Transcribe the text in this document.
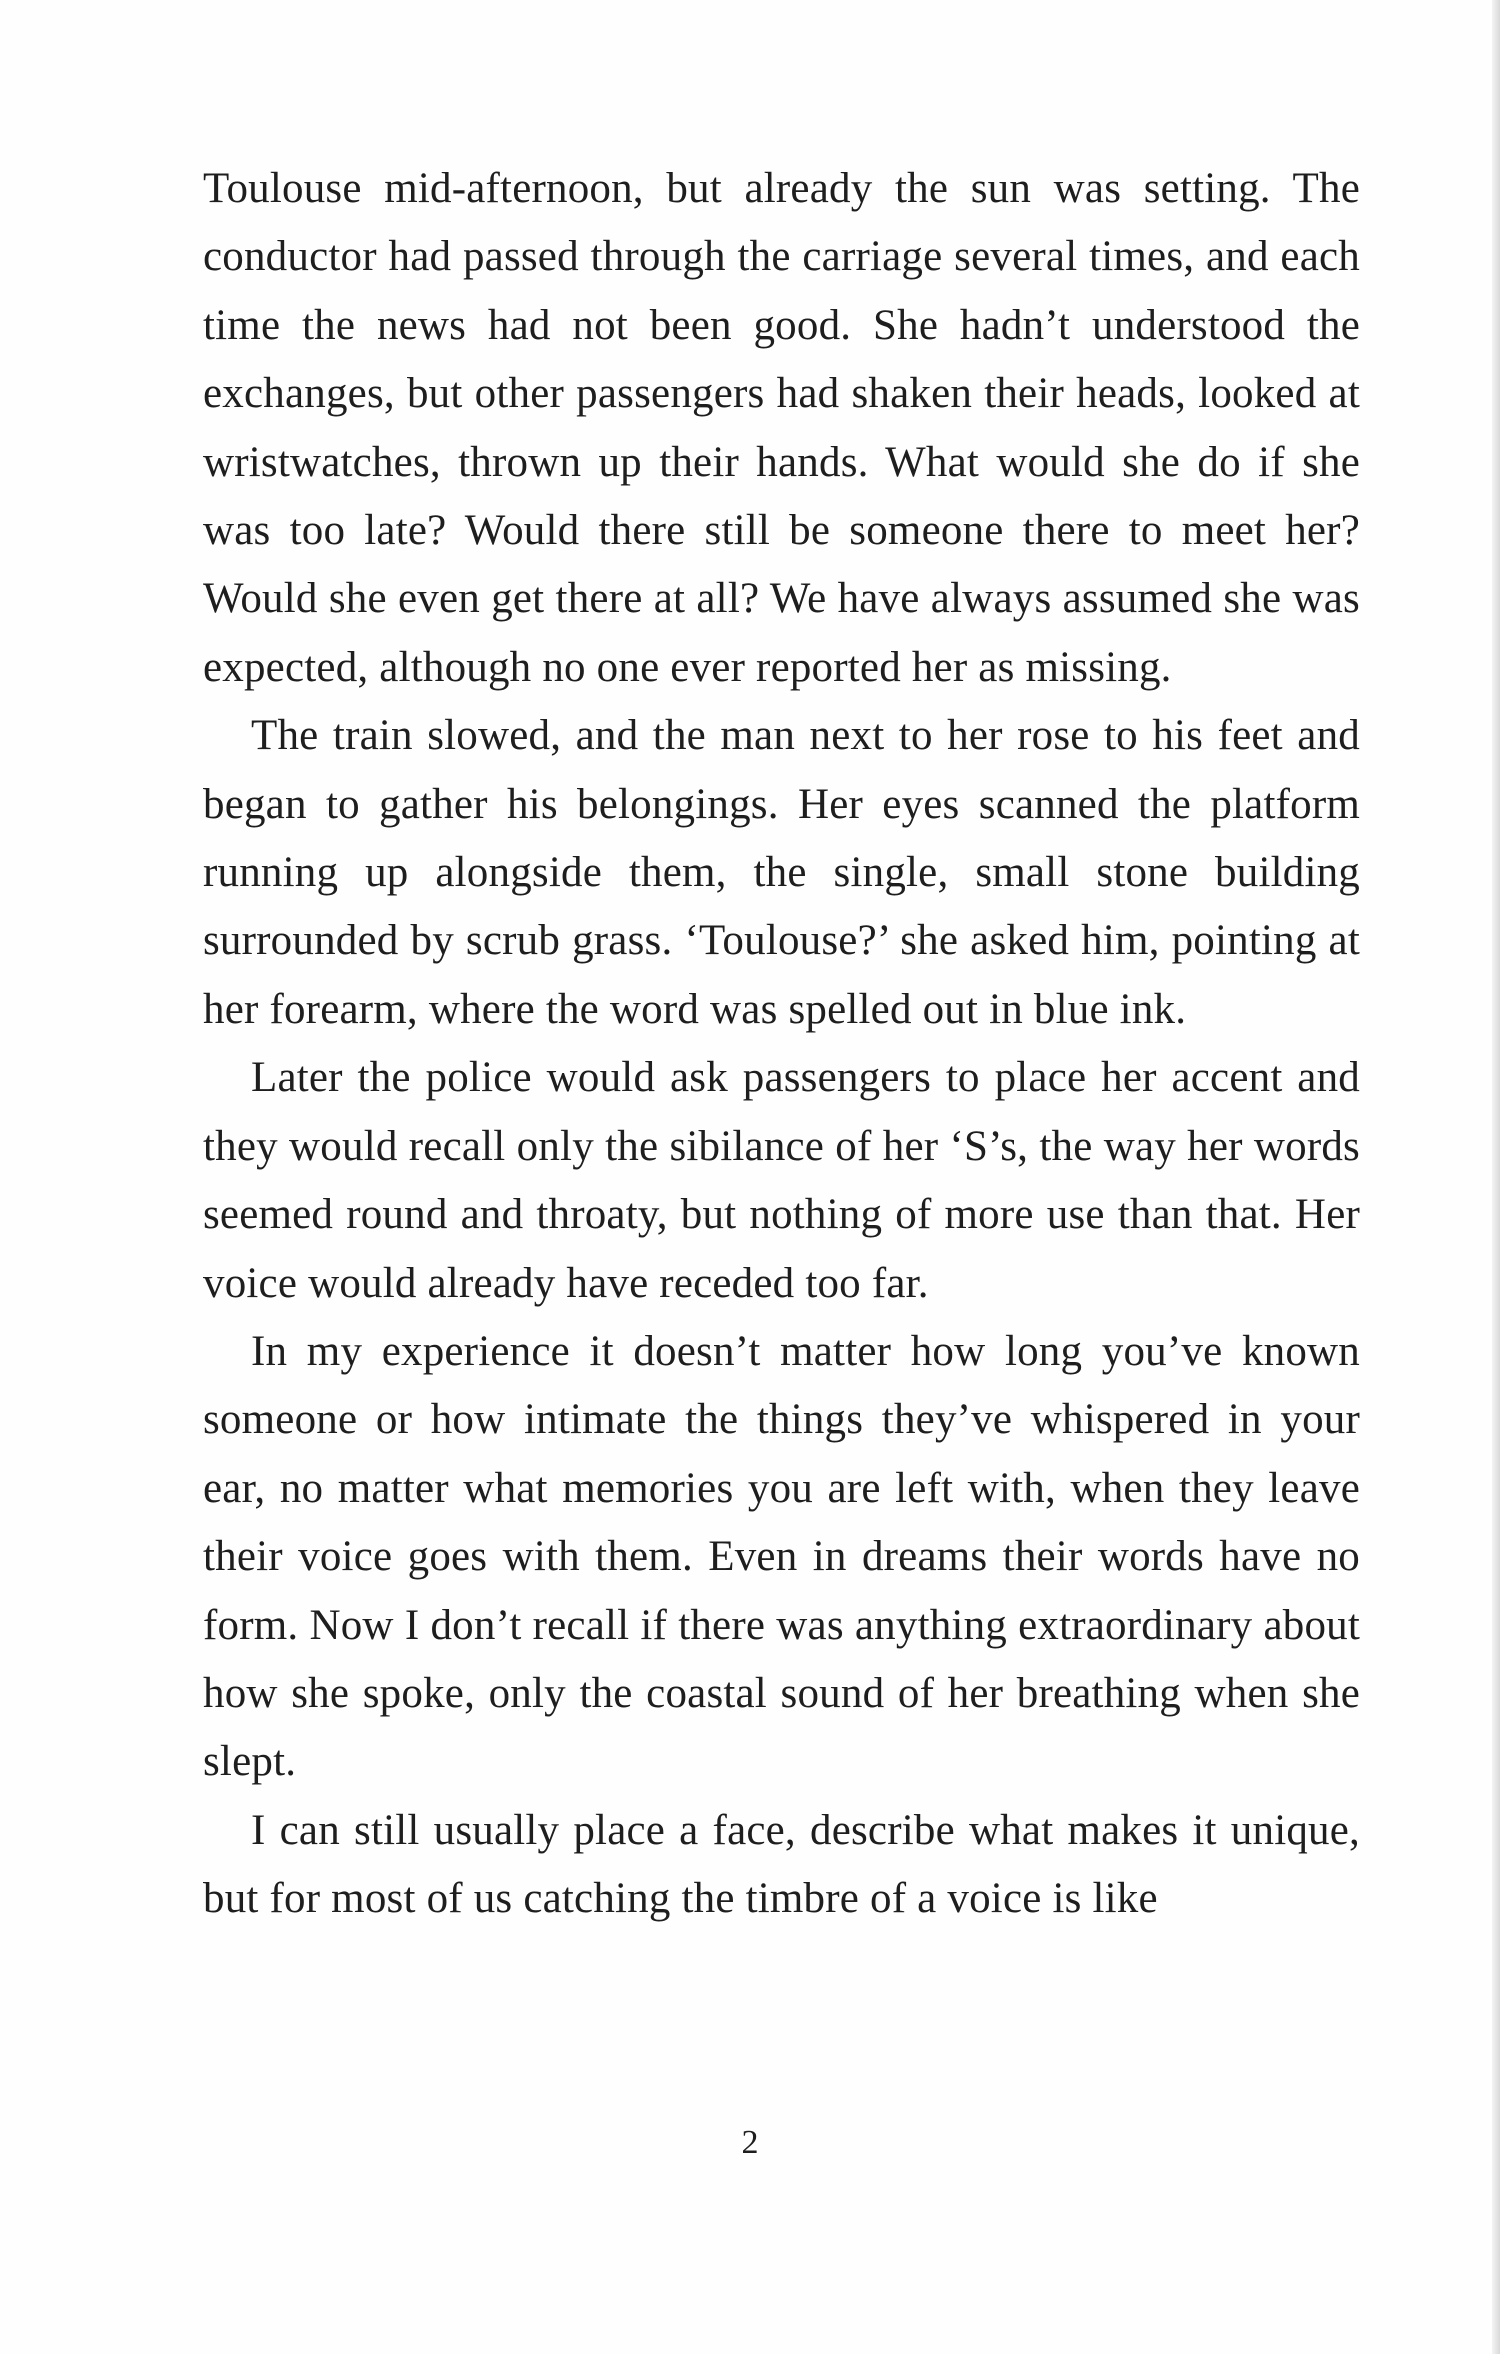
Toulouse mid-afternoon, but already the sun was setting. The conductor had passed through the carriage several times, and each time the news had not been good. She hadn’t understood the exchanges, but other passengers had shaken their heads, looked at wristwatches, thrown up their hands. What would she do if she was too late? Would there still be someone there to meet her? Would she even get there at all? We have always assumed she was expected, although no one ever reported her as missing.

The train slowed, and the man next to her rose to his feet and began to gather his belongings. Her eyes scanned the platform running up alongside them, the single, small stone building surrounded by scrub grass. ‘Toulouse?’ she asked him, pointing at her forearm, where the word was spelled out in blue ink.

Later the police would ask passengers to place her accent and they would recall only the sibilance of her ‘S’s, the way her words seemed round and throaty, but nothing of more use than that. Her voice would already have receded too far.

In my experience it doesn’t matter how long you’ve known someone or how intimate the things they’ve whispered in your ear, no matter what memories you are left with, when they leave their voice goes with them. Even in dreams their words have no form. Now I don’t recall if there was anything extraordinary about how she spoke, only the coastal sound of her breathing when she slept.

I can still usually place a face, describe what makes it unique, but for most of us catching the timbre of a voice is like

2
